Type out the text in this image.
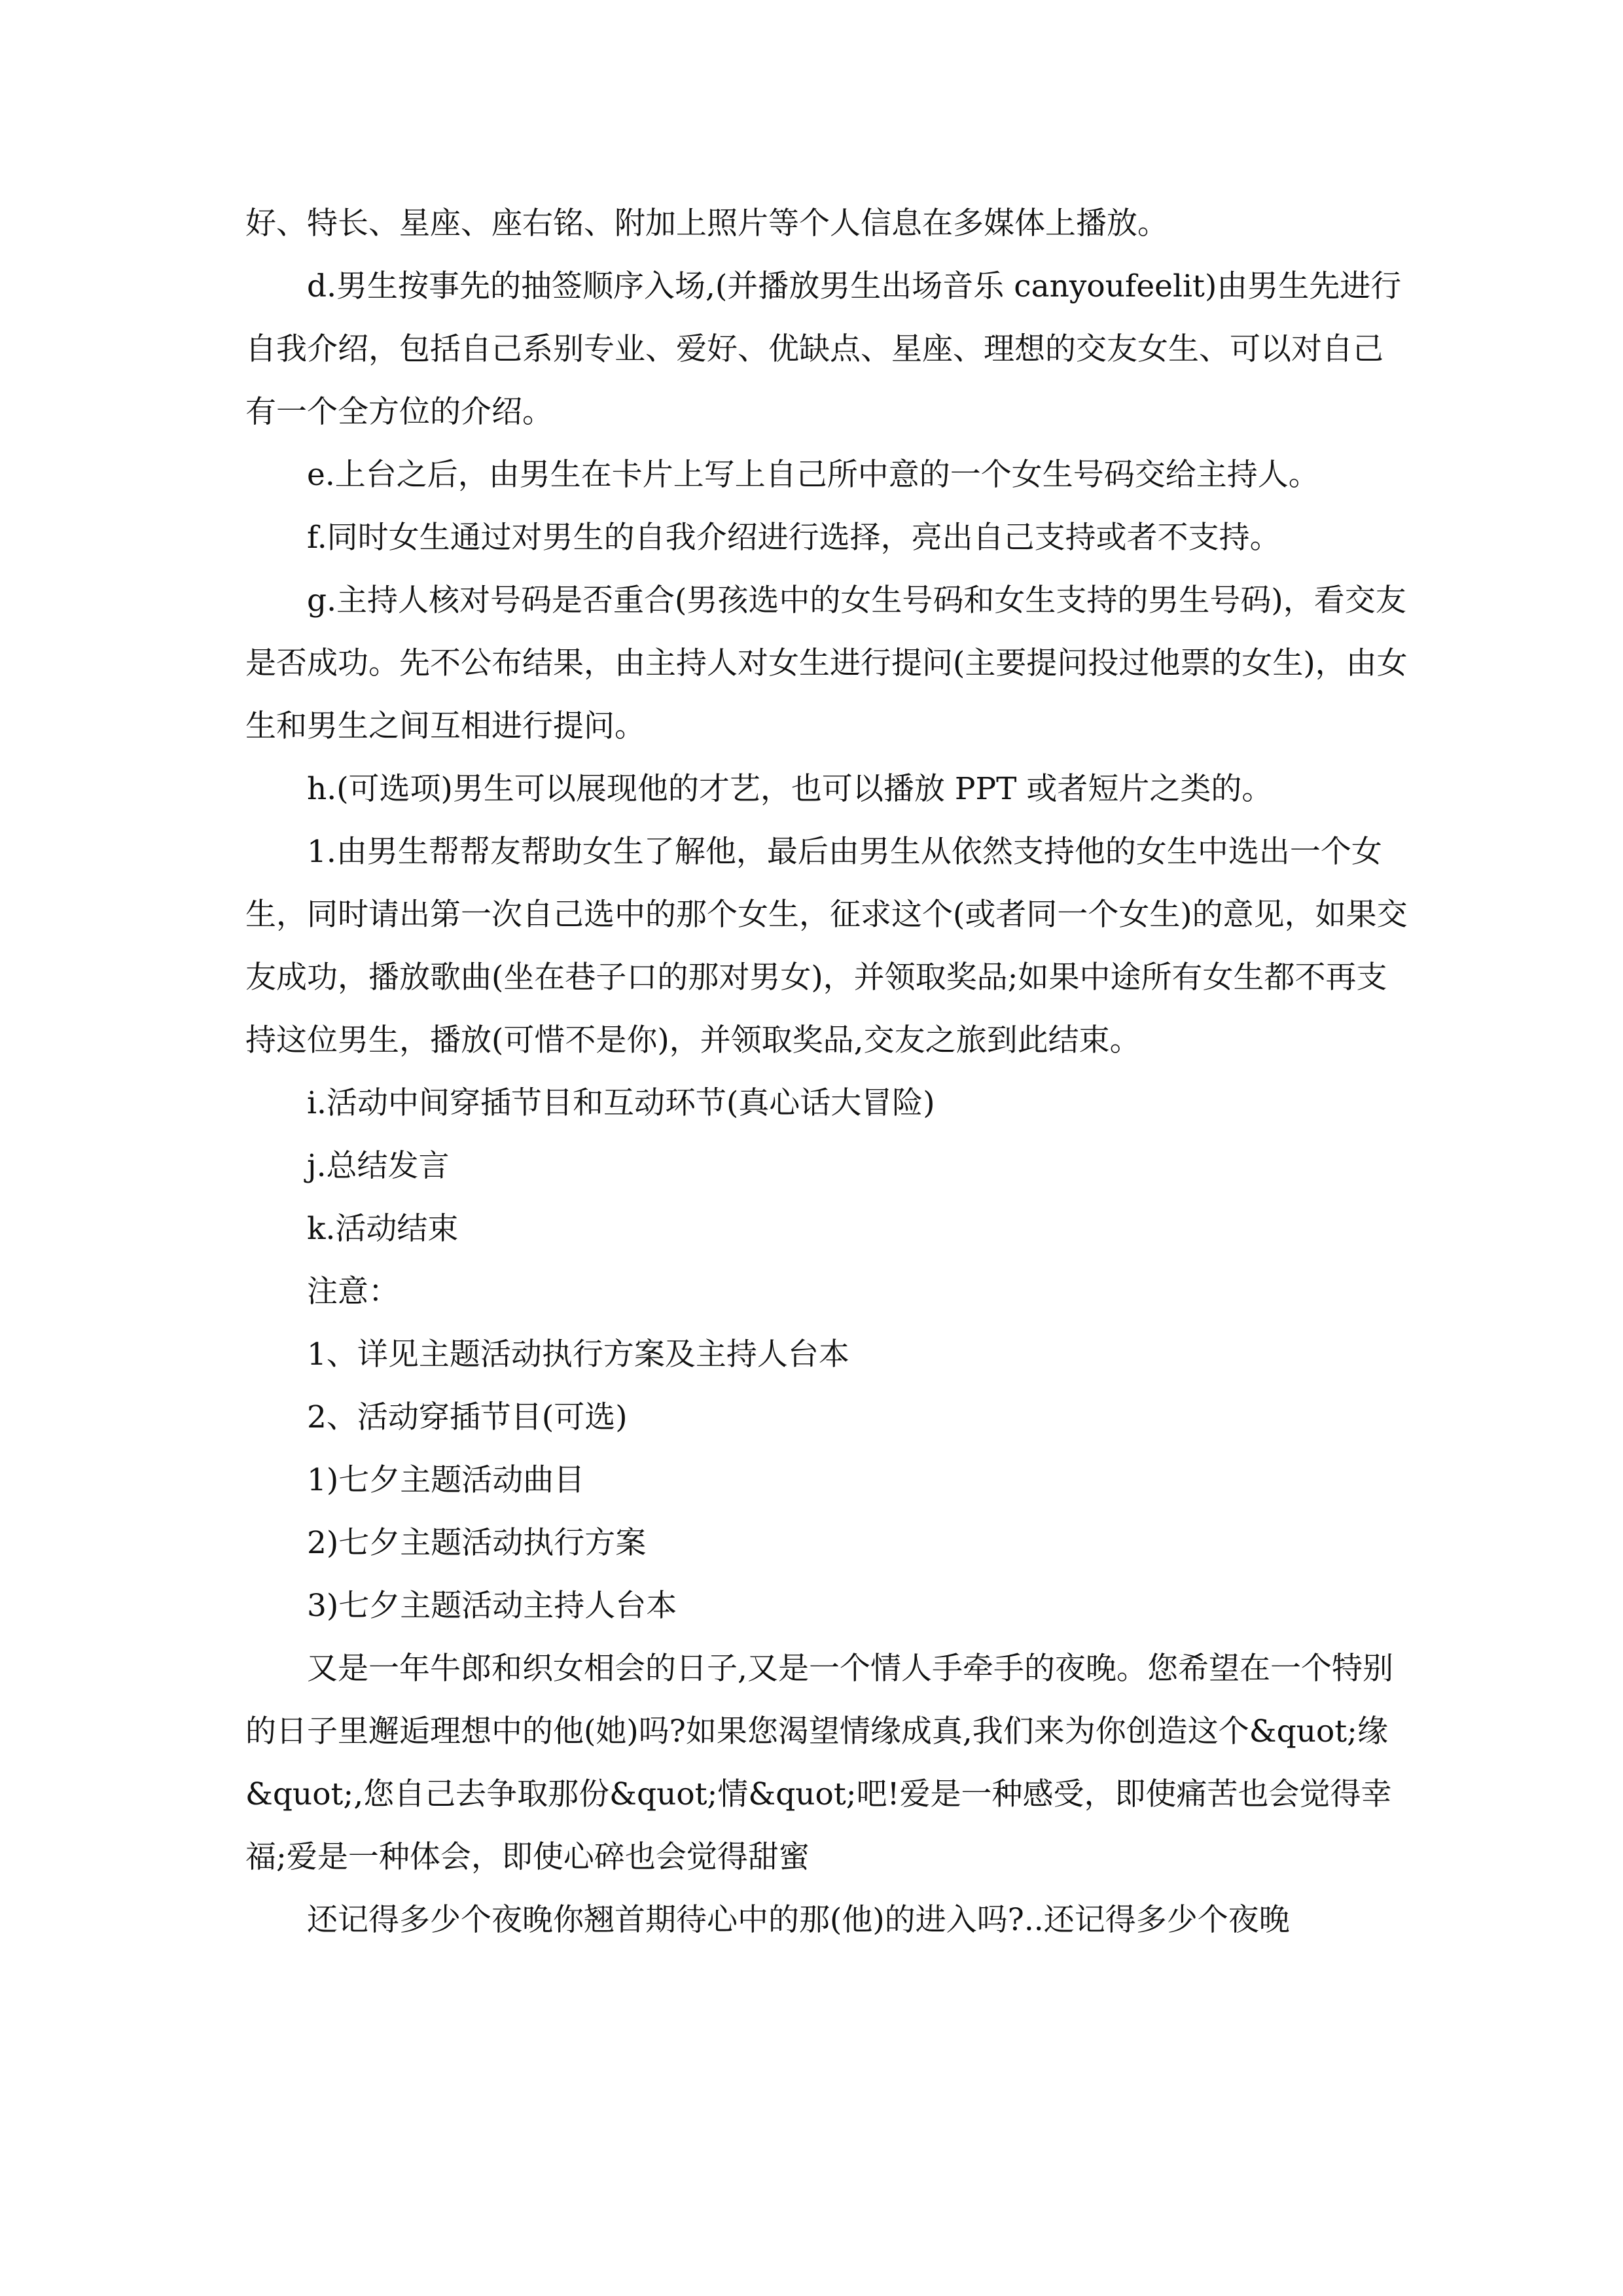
好、特长、星座、座右铭、附加上照片等个人信息在多媒体上播放。

d.男生按事先的抽签顺序入场,(并播放男生出场音乐 canyoufeelit)由男生先进行自我介绍，包括自己系别专业、爱好、优缺点、星座、理想的交友女生、可以对自己有一个全方位的介绍。

e.上台之后，由男生在卡片上写上自己所中意的一个女生号码交给主持人。

f.同时女生通过对男生的自我介绍进行选择，亮出自己支持或者不支持。

g.主持人核对号码是否重合(男孩选中的女生号码和女生支持的男生号码)，看交友是否成功。先不公布结果，由主持人对女生进行提问(主要提问投过他票的女生)，由女生和男生之间互相进行提问。

h.(可选项)男生可以展现他的才艺，也可以播放 PPT 或者短片之类的。

1.由男生帮帮友帮助女生了解他，最后由男生从依然支持他的女生中选出一个女生，同时请出第一次自己选中的那个女生，征求这个(或者同一个女生)的意见，如果交友成功，播放歌曲(坐在巷子口的那对男女)，并领取奖品;如果中途所有女生都不再支持这位男生，播放(可惜不是你)，并领取奖品,交友之旅到此结束。

i.活动中间穿插节目和互动环节(真心话大冒险)

j.总结发言

k.活动结束

注意：

1、详见主题活动执行方案及主持人台本

2、活动穿插节目(可选)

1)七夕主题活动曲目

2)七夕主题活动执行方案

3)七夕主题活动主持人台本

又是一年牛郎和织女相会的日子,又是一个情人手牵手的夜晚。您希望在一个特别的日子里邂逅理想中的他(她)吗?如果您渴望情缘成真,我们来为你创造这个&quot;缘&quot;,您自己去争取那份&quot;情&quot;吧!爱是一种感受，即使痛苦也会觉得幸福;爱是一种体会，即使心碎也会觉得甜蜜

还记得多少个夜晚你翘首期待心中的那(他)的进入吗?..还记得多少个夜晚
